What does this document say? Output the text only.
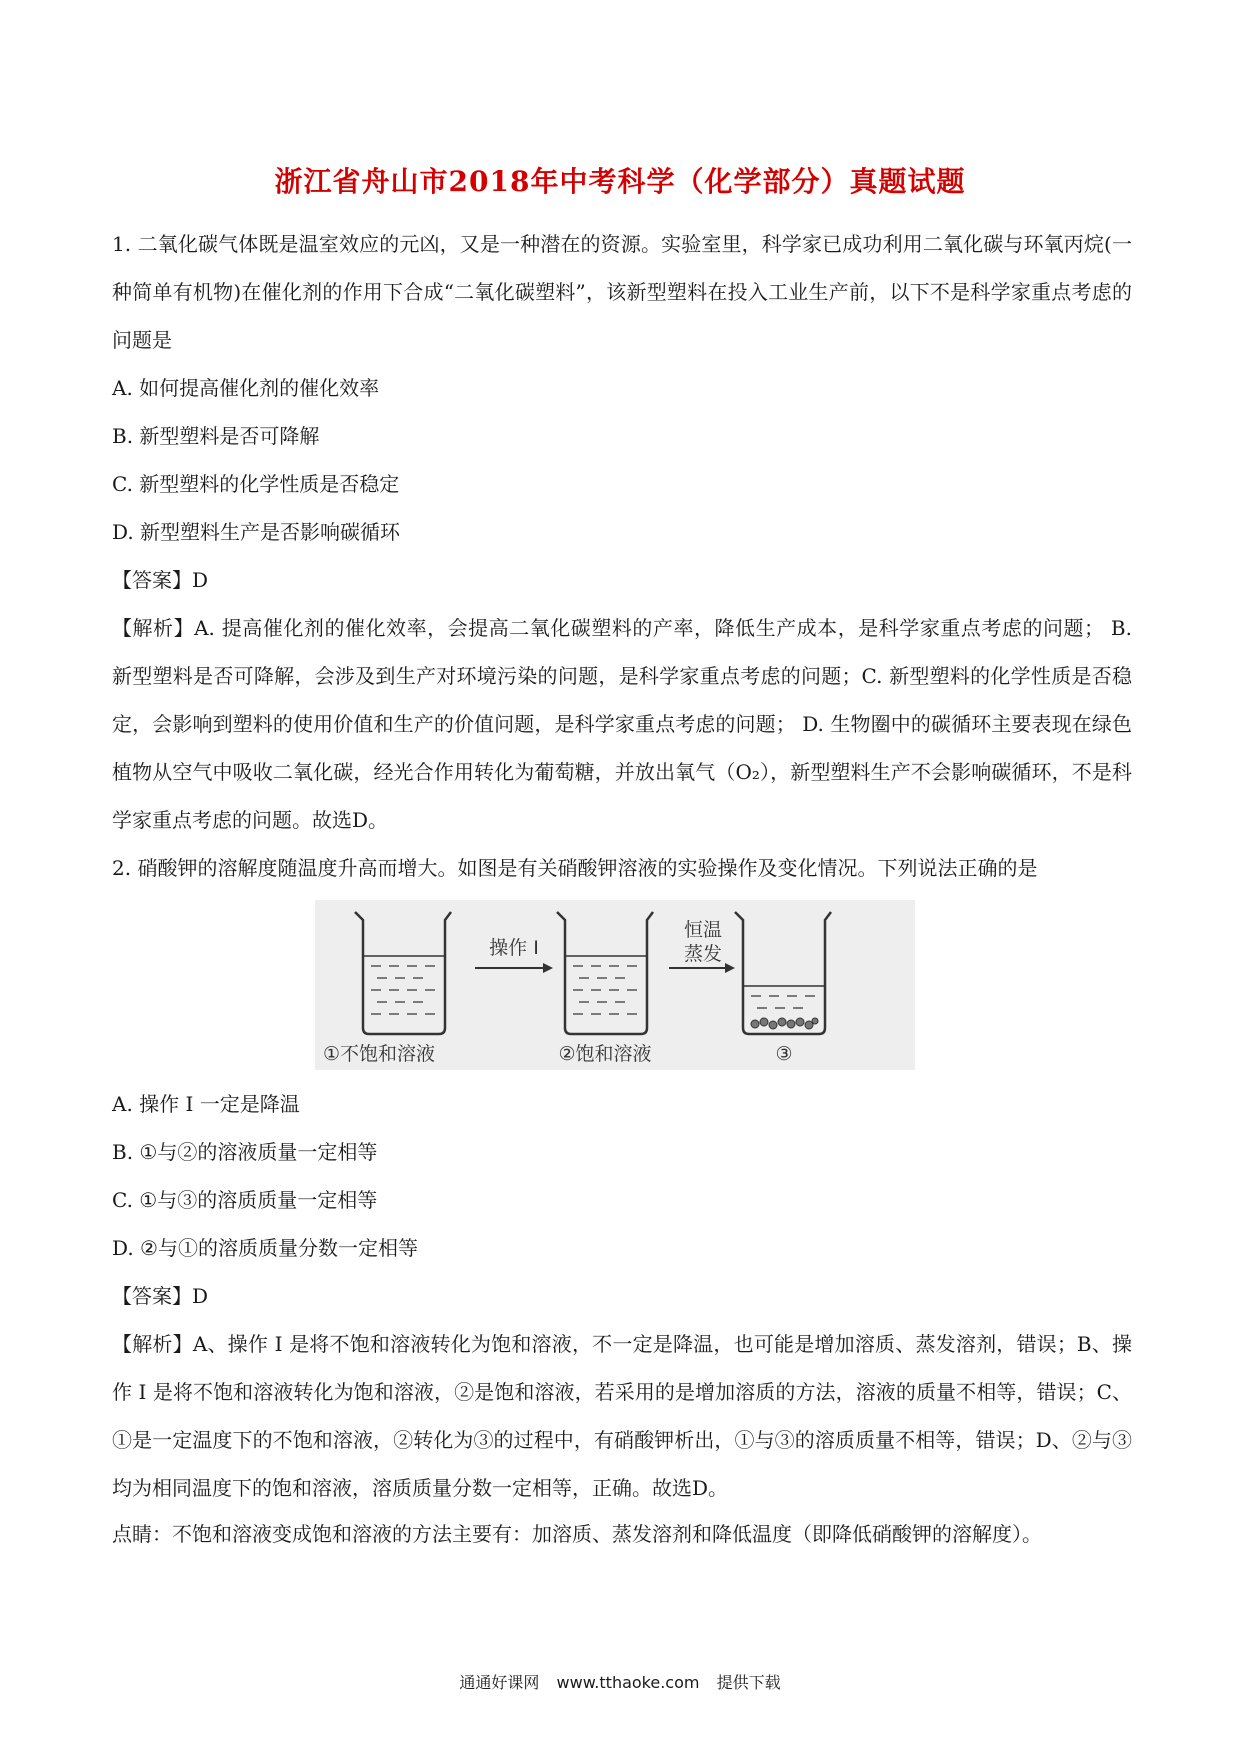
浙江省舟山市2018年中考科学（化学部分）真题试题

1. 二氧化碳气体既是温室效应的元凶，又是一种潜在的资源。实验室里，科学家已成功利用二氧化碳与环氧丙烷(一种简单有机物)在催化剂的作用下合成“二氧化碳塑料”，该新型塑料在投入工业生产前，以下不是科学家重点考虑的问题是

A. 如何提高催化剂的催化效率

B. 新型塑料是否可降解

C. 新型塑料的化学性质是否稳定

D. 新型塑料生产是否影响碳循环

【答案】D

【解析】A. 提高催化剂的催化效率，会提高二氧化碳塑料的产率，降低生产成本，是科学家重点考虑的问题； B. 新型塑料是否可降解，会涉及到生产对环境污染的问题，是科学家重点考虑的问题；C. 新型塑料的化学性质是否稳定，会影响到塑料的使用价值和生产的价值问题，是科学家重点考虑的问题； D. 生物圈中的碳循环主要表现在绿色植物从空气中吸收二氧化碳，经光合作用转化为葡萄糖，并放出氧气（O₂），新型塑料生产不会影响碳循环，不是科学家重点考虑的问题。故选D。

2. 硝酸钾的溶解度随温度升高而增大。如图是有关硝酸钾溶液的实验操作及变化情况。下列说法正确的是

操作 I
恒温
蒸发
①不饱和溶液	②饱和溶液	③

A. 操作 I 一定是降温

B. ①与②的溶液质量一定相等

C. ①与③的溶质质量一定相等

D. ②与①的溶质质量分数一定相等

【答案】D

【解析】A、操作 I 是将不饱和溶液转化为饱和溶液，不一定是降温，也可能是增加溶质、蒸发溶剂，错误；B、操作 I 是将不饱和溶液转化为饱和溶液，②是饱和溶液，若采用的是增加溶质的方法，溶液的质量不相等，错误；C、①是一定温度下的不饱和溶液，②转化为③的过程中，有硝酸钾析出，①与③的溶质质量不相等，错误；D、②与③均为相同温度下的饱和溶液，溶质质量分数一定相等，正确。故选D。

点睛：不饱和溶液变成饱和溶液的方法主要有：加溶质、蒸发溶剂和降低温度（即降低硝酸钾的溶解度）。

通通好课网 www.tthaoke.com 提供下载
